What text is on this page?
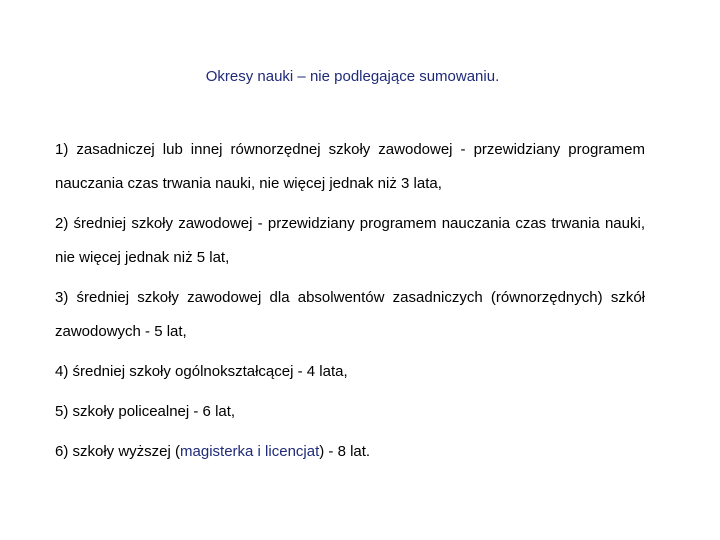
Okresy nauki – nie podlegające sumowaniu.
1) zasadniczej lub innej równorzędnej szkoły zawodowej - przewidziany programem nauczania czas trwania nauki, nie więcej jednak niż 3 lata,
2) średniej szkoły zawodowej - przewidziany programem nauczania czas trwania nauki, nie więcej jednak niż 5 lat,
3) średniej szkoły zawodowej dla absolwentów zasadniczych (równorzędnych) szkół zawodowych - 5 lat,
4) średniej szkoły ogólnokształcącej - 4 lata,
5) szkoły policealnej - 6 lat,
6) szkoły wyższej (magisterka i licencjat) - 8 lat.
